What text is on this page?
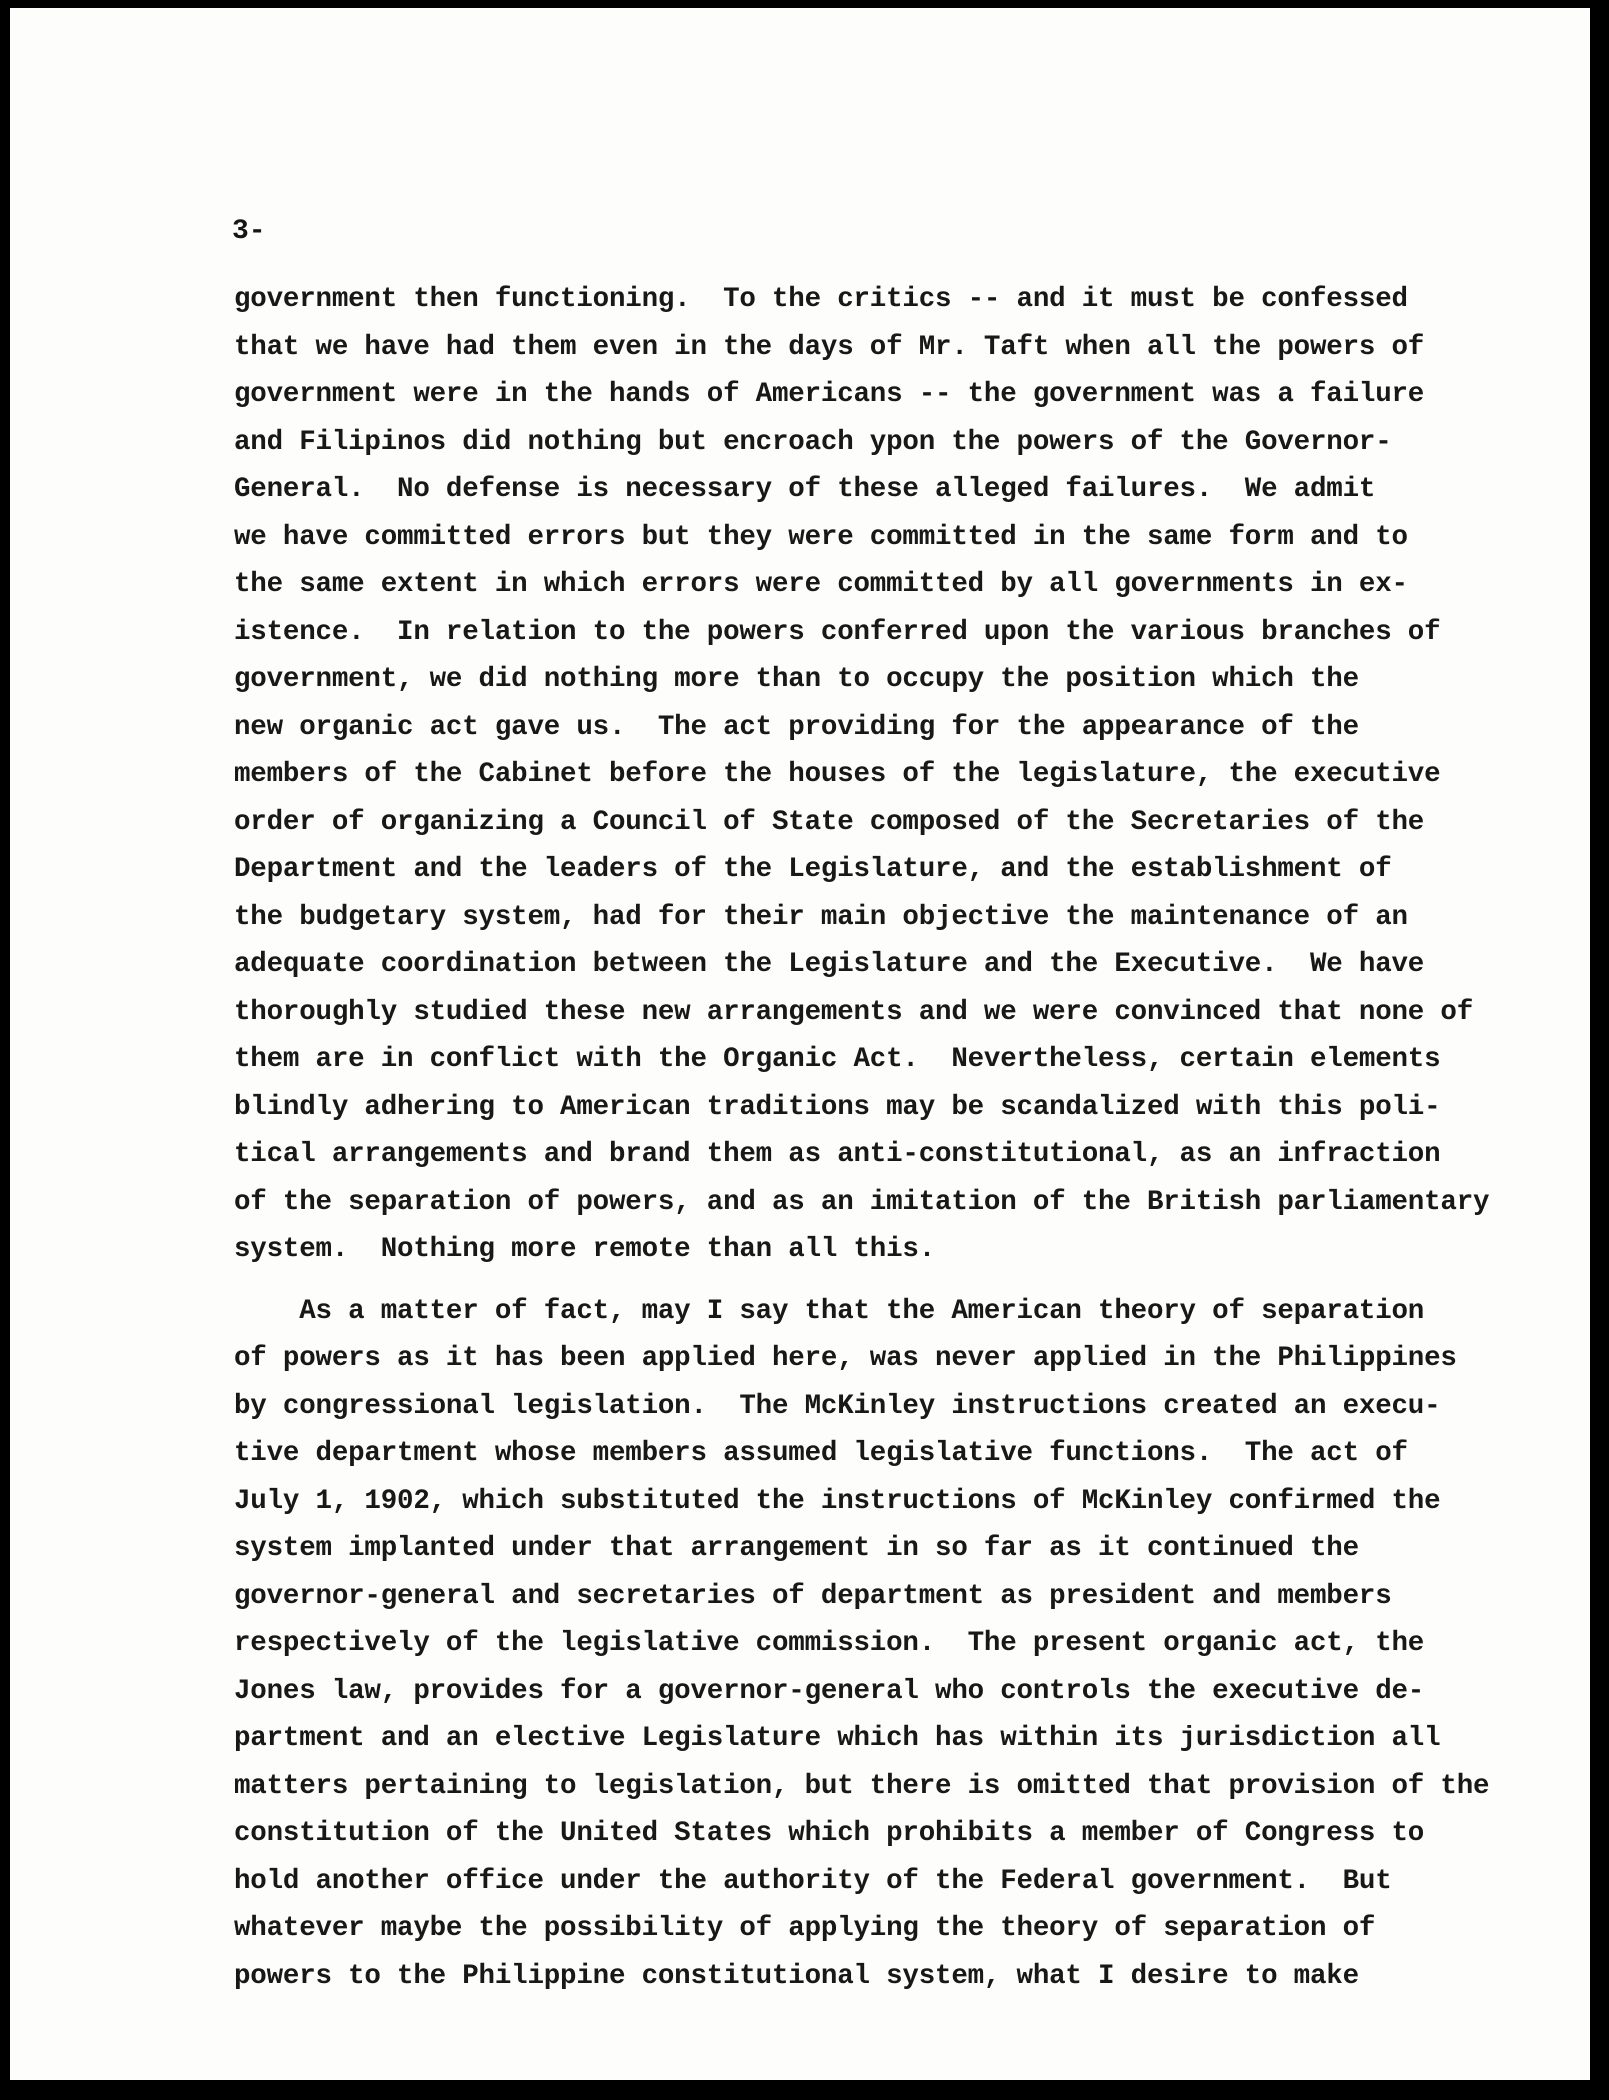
3-
government then functioning.  To the critics -- and it must be confessed
that we have had them even in the days of Mr. Taft when all the powers of
government were in the hands of Americans -- the government was a failure
and Filipinos did nothing but encroach ypon the powers of the Governor-
General.  No defense is necessary of these alleged failures.  We admit
we have committed errors but they were committed in the same form and to
the same extent in which errors were committed by all governments in ex-
istence.  In relation to the powers conferred upon the various branches of
government, we did nothing more than to occupy the position which the
new organic act gave us.  The act providing for the appearance of the
members of the Cabinet before the houses of the legislature, the executive
order of organizing a Council of State composed of the Secretaries of the
Department and the leaders of the Legislature, and the establishment of
the budgetary system, had for their main objective the maintenance of an
adequate coordination between the Legislature and the Executive.  We have
thoroughly studied these new arrangements and we were convinced that none of
them are in conflict with the Organic Act.  Nevertheless, certain elements
blindly adhering to American traditions may be scandalized with this poli-
tical arrangements and brand them as anti-constitutional, as an infraction
of the separation of powers, and as an imitation of the British parliamentary
system.  Nothing more remote than all this.
As a matter of fact, may I say that the American theory of separation
of powers as it has been applied here, was never applied in the Philippines
by congressional legislation.  The McKinley instructions created an execu-
tive department whose members assumed legislative functions.  The act of
July 1, 1902, which substituted the instructions of McKinley confirmed the
system implanted under that arrangement in so far as it continued the
governor-general and secretaries of department as president and members
respectively of the legislative commission.  The present organic act, the
Jones law, provides for a governor-general who controls the executive de-
partment and an elective Legislature which has within its jurisdiction all
matters pertaining to legislation, but there is omitted that provision of the
constitution of the United States which prohibits a member of Congress to
hold another office under the authority of the Federal government.  But
whatever maybe the possibility of applying the theory of separation of
powers to the Philippine constitutional system, what I desire to make
